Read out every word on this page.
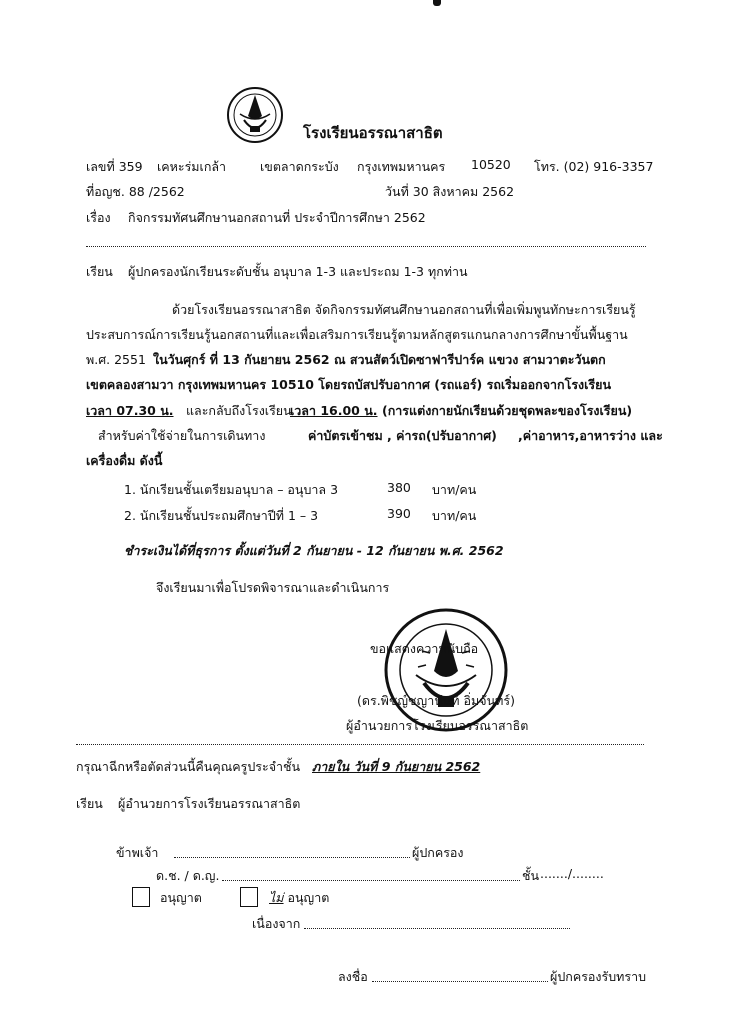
โรงเรียนอรรณาสาธิต
เลขที่ 359 เคหะร่มเกล้า	เขตลาดกระบัง กรุงเทพมหานคร 10520 โทร. (02) 916-3357
ที่อญช. 88 /2562	วันที่ 30 สิงหาคม 2562
เรื่อง กิจกรรมทัศนศึกษานอกสถานที่ ประจำปีการศึกษา 2562
เรียน ผู้ปกครองนักเรียนระดับชั้น อนุบาล 1-3 และประถม 1-3 ทุกท่าน
ด้วยโรงเรียนอรรณาสาธิต จัดกิจกรรมทัศนศึกษานอกสถานที่เพื่อเพิ่มพูนทักษะการเรียนรู้
ประสบการณ์การเรียนรู้นอกสถานที่และเพื่อเสริมการเรียนรู้ตามหลักสูตรแกนกลางการศึกษาขั้นพื้นฐาน
พ.ศ. 2551 ในวันศุกร์ ที่ 13 กันยายน 2562 ณ สวนสัตว์เปิดซาฟารีปาร์ค แขวง สามวาตะวันตก
เขตคลองสามวา กรุงเทพมหานคร 10510 โดยรถบัสปรับอากาศ (รถแอร์) รถเริ่มออกจากโรงเรียน
เวลา 07.30 น. และกลับถึงโรงเรียน
เวลา 16.00 น. (การแต่งกายนักเรียนด้วยชุดพละของโรงเรียน)
สำหรับค่าใช้จ่ายในการเดินทาง	ค่าบัตรเข้าชม , ค่ารถ(ปรับอากาศ) ,ค่าอาหาร,อาหารว่าง และ
เครื่องดื่ม ดังนี้
1. นักเรียนชั้นเตรียมอนุบาล – อนุบาล 3	380 บาท/คน
2. นักเรียนชั้นประถมศึกษาปีที่ 1 – 3	390 บาท/คน
ชำระเงินได้ที่ธุรการ ตั้งแต่วันที่ 2 กันยายน - 12 กันยายน พ.ศ. 2562
จึงเรียนมาเพื่อโปรดพิจารณาและดำเนินการ
ขอแสดงความนับถือ
(ดร.พิชญ์ชญานันท์ อิ่มจันทร์)
ผู้อำนวยการโรงเรียนอรรณาสาธิต
กรุณาฉีกหรือตัดส่วนนี้คืนคุณครูประจำชั้น ภายใน วันที่ 9 กันยายน 2562
เรียน ผู้อำนวยการโรงเรียนอรรณาสาธิต
ข้าพเจ้า	ผู้ปกครอง
ด.ช. / ด.ญ.	ชั้น ......./........
อนุญาต	ไม่ อนุญาต
เนื่องจาก
ลงชื่อ	ผู้ปกครองรับทราบ
